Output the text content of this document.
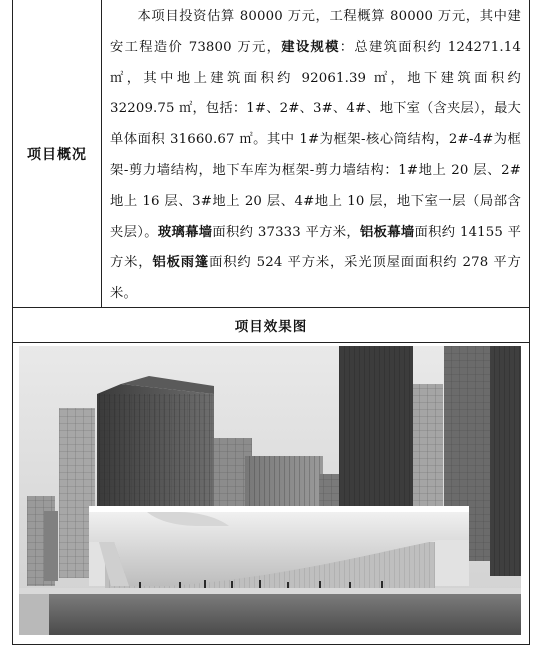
项目概况

本项目投资估算 80000 万元，工程概算 80000 万元，其中建安工程造价 73800 万元，建设规模：总建筑面积约 124271.14 ㎡，其中地上建筑面积约 92061.39 ㎡，地下建筑面积约 32209.75 ㎡，包括：1#、2#、3#、4#、地下室（含夹层），最大单体面积 31660.67 ㎡。其中 1#为框架-核心筒结构，2#-4#为框架-剪力墙结构，地下车库为框架-剪力墙结构：1#地上 20 层、2#地上 16 层、3#地上 20 层、4#地上 10 层，地下室一层（局部含夹层）。玻璃幕墙面积约 37333 平方米，铝板幕墙面积约 14155 平方米，铝板雨篷面积约 524 平方米，采光顶屋面面积约 278 平方米。

项目效果图
